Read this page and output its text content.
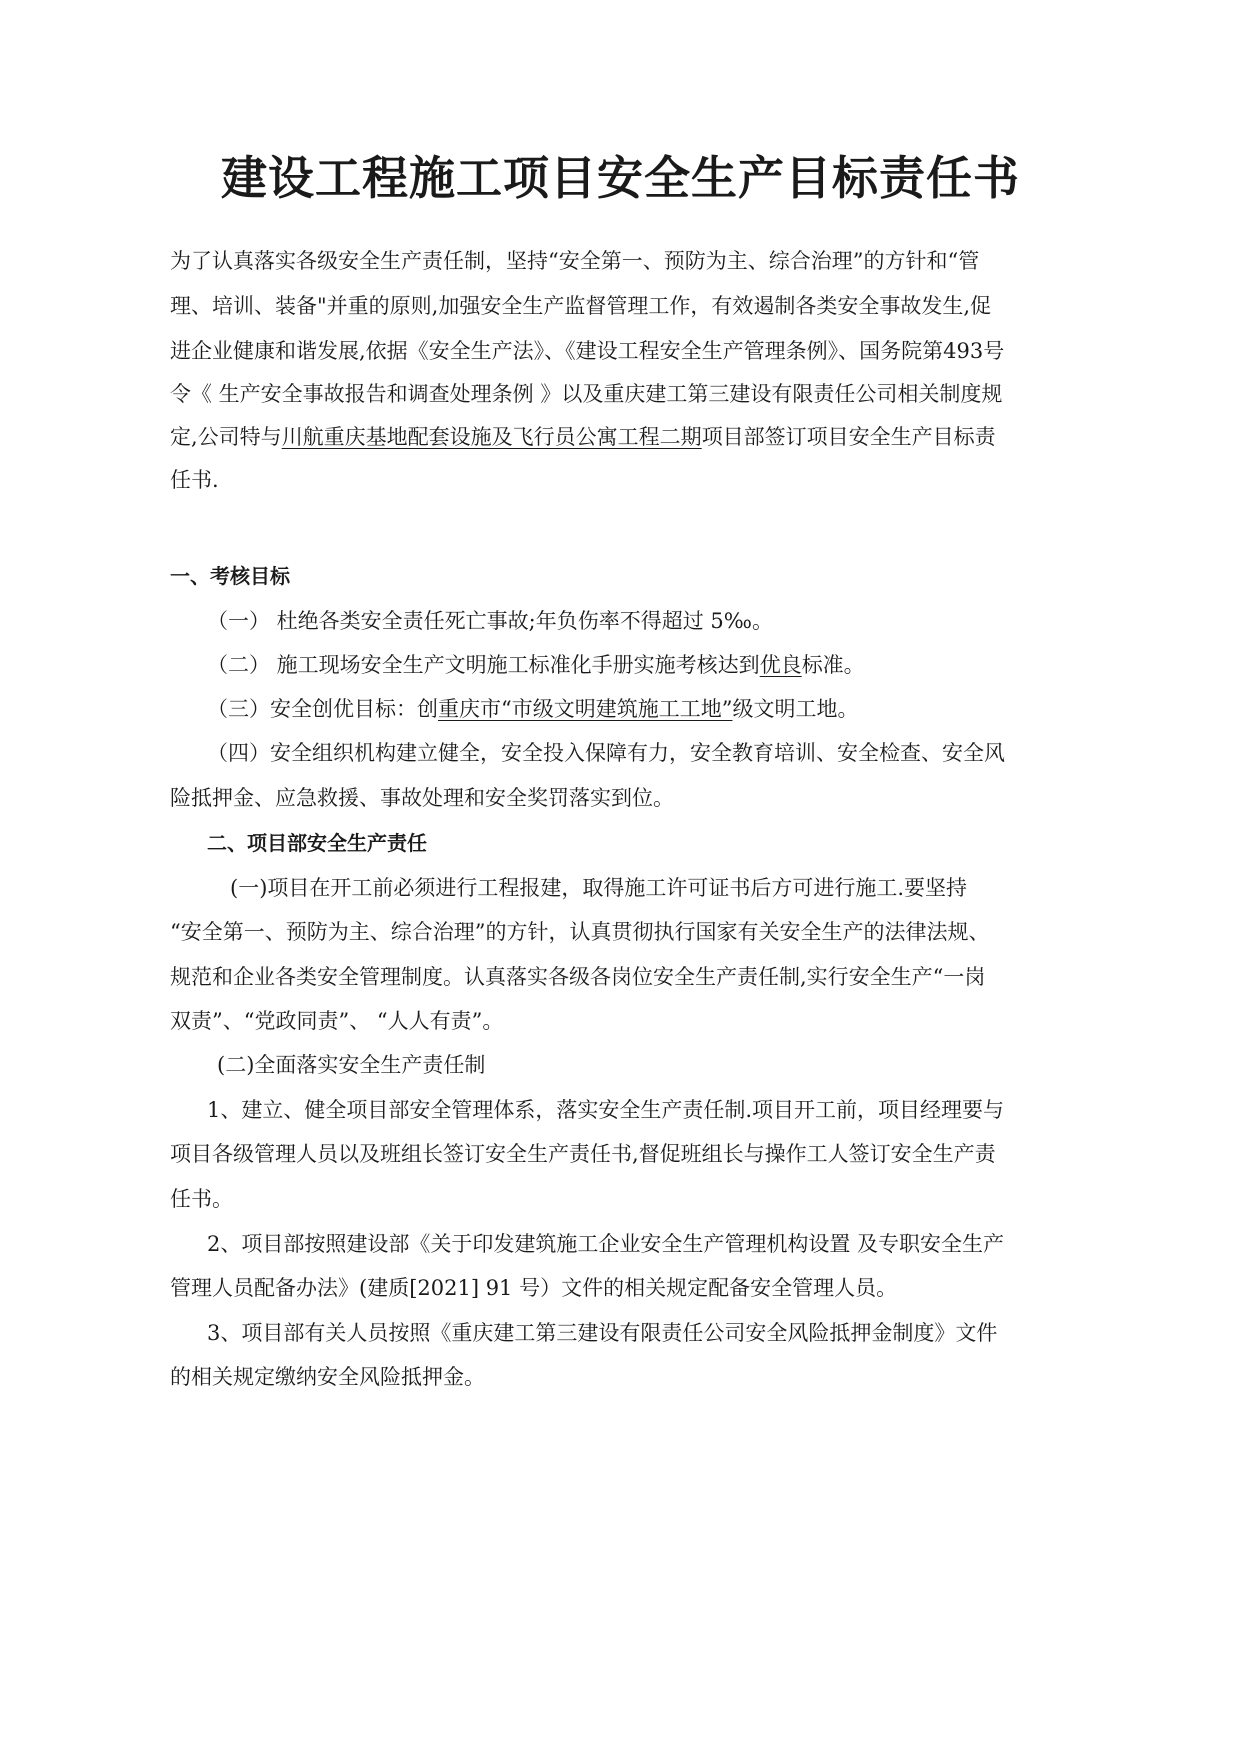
建设工程施工项目安全生产目标责任书
为了认真落实各级安全生产责任制，坚持“安全第一、预防为主、综合治理”的方针和“管
理、培训、装备"并重的原则,加强安全生产监督管理工作，有效遏制各类安全事故发生,促
进企业健康和谐发展,依据《安全生产法》、《建设工程安全生产管理条例》、国务院第493号
令《 生产安全事故报告和调查处理条例 》以及重庆建工第三建设有限责任公司相关制度规
定,公司特与川航重庆基地配套设施及飞行员公寓工程二期项目部签订项目安全生产目标责
任书.
一、考核目标
（一） 杜绝各类安全责任死亡事故;年负伤率不得超过 5‰。
（二） 施工现场安全生产文明施工标准化手册实施考核达到优良标准。
（三）安全创优目标：创重庆市“市级文明建筑施工工地”级文明工地。
（四）安全组织机构建立健全，安全投入保障有力，安全教育培训、安全检查、安全风
险抵押金、应急救援、事故处理和安全奖罚落实到位。
二、项目部安全生产责任
(一)项目在开工前必须进行工程报建，取得施工许可证书后方可进行施工.要坚持
“安全第一、预防为主、综合治理”的方针，认真贯彻执行国家有关安全生产的法律法规、
规范和企业各类安全管理制度。认真落实各级各岗位安全生产责任制,实行安全生产“一岗
双责”、“党政同责”、 “人人有责”。
(二)全面落实安全生产责任制
1、建立、健全项目部安全管理体系，落实安全生产责任制.项目开工前，项目经理要与
项目各级管理人员以及班组长签订安全生产责任书,督促班组长与操作工人签订安全生产责
任书。
2、项目部按照建设部《关于印发建筑施工企业安全生产管理机构设置 及专职安全生产
管理人员配备办法》(建质[2021] 91 号）文件的相关规定配备安全管理人员。
3、项目部有关人员按照《重庆建工第三建设有限责任公司安全风险抵押金制度》文件
的相关规定缴纳安全风险抵押金。
